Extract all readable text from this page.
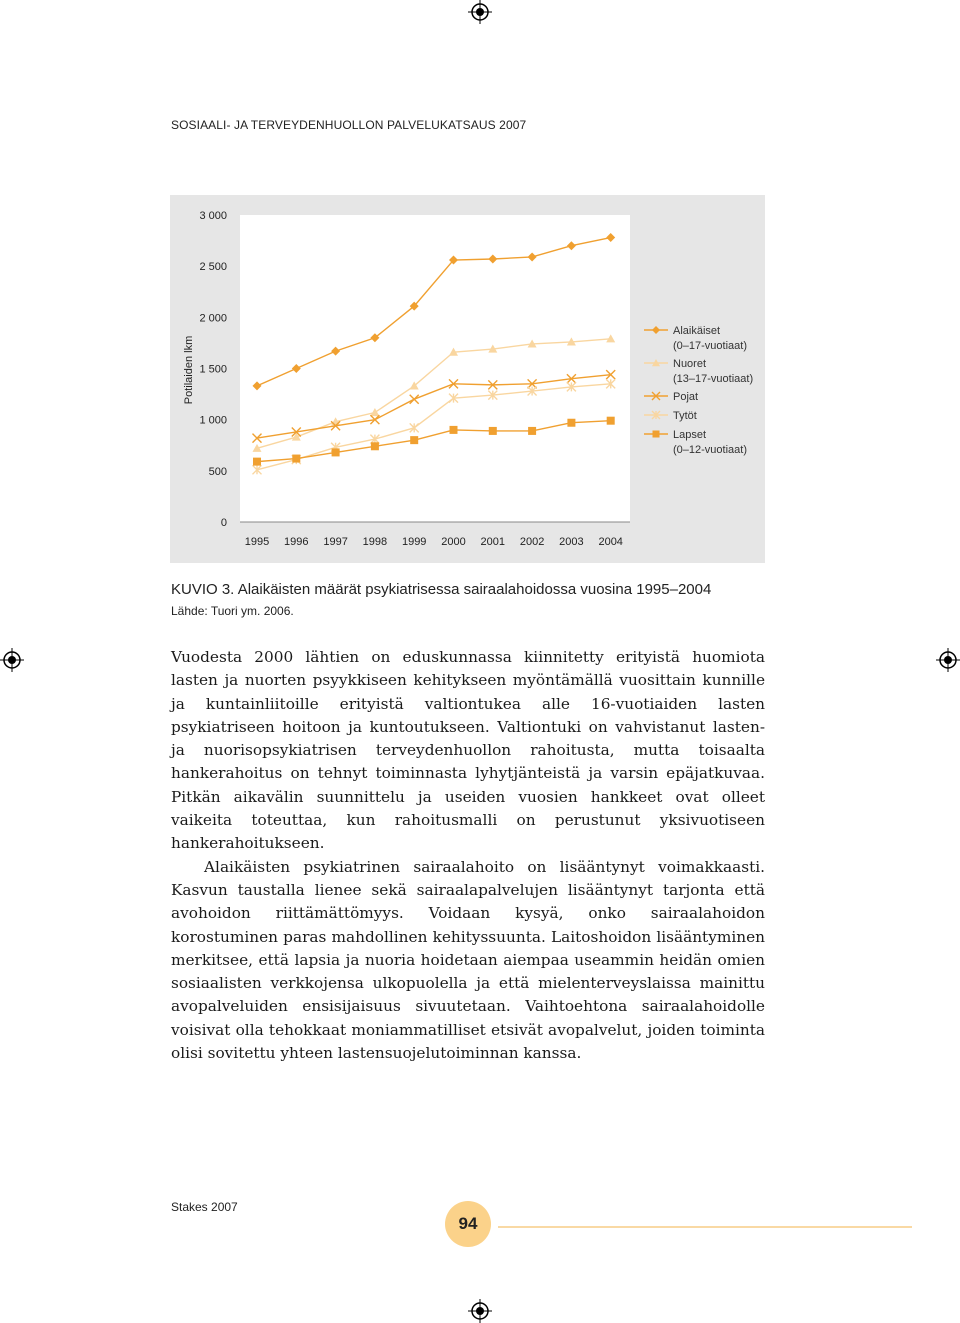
SOSIAALI- JA TERVEYDENHUOLLON PALVELUKATSAUS 2007
0
500
1 000
1 500
2 000
2 500
3 000
Potilaiden lkm
1995 1996 1997 1998 1999 2000 2001 2002 2003 2004
Alaikäiset
(0–17-vuotiaat)
Nuoret
(13–17-vuotiaat)
Pojat
Tytöt
Lapset
(0–12-vuotiaat)
KUVIO 3. Alaikäisten määrät psykiatrisessa sairaalahoidossa vuosina 1995–2004
Lähde: Tuori ym. 2006.

Vuodesta 2000 lähtien on eduskunnassa kiinnitetty erityistä huomiota lasten ja nuorten psyykkiseen kehitykseen myöntämällä vuosittain kunnille ja kuntainliitoille erityistä valtiontukea alle 16-vuotiaiden lasten psykiatriseen hoitoon ja kuntoutukseen. Valtiontuki on vahvistanut lasten- ja nuorisopsykiatrisen terveydenhuollon rahoitusta, mutta toisaalta hankerahoitus on tehnyt toiminnasta lyhytjänteistä ja varsin epäjatkuvaa. Pitkän aikavälin suunnittelu ja useiden vuosien hankkeet ovat olleet vaikeita toteuttaa, kun rahoitusmalli on perustunut yksivuotiseen hankerahoitukseen.

Alaikäisten psykiatrinen sairaalahoito on lisääntynyt voimakkaasti. Kasvun taustalla lienee sekä sairaalapalvelujen lisääntynyt tarjonta että avohoidon riittämättömyys. Voidaan kysyä, onko sairaalahoidon korostuminen paras mahdollinen kehityssuunta. Laitoshoidon lisääntyminen merkitsee, että lapsia ja nuoria hoidetaan aiempaa useammin heidän omien sosiaalisten verkkojensa ulkopuolella ja että mielenterveyslaissa mainittu avopalveluiden ensisijaisuus sivuutetaan. Vaihtoehtona sairaalahoidolle voisivat olla tehokkaat moniammatilliset etsivät avopalvelut, joiden toiminta olisi sovitettu yhteen lastensuojelutoiminnan kanssa.

Stakes 2007
94
